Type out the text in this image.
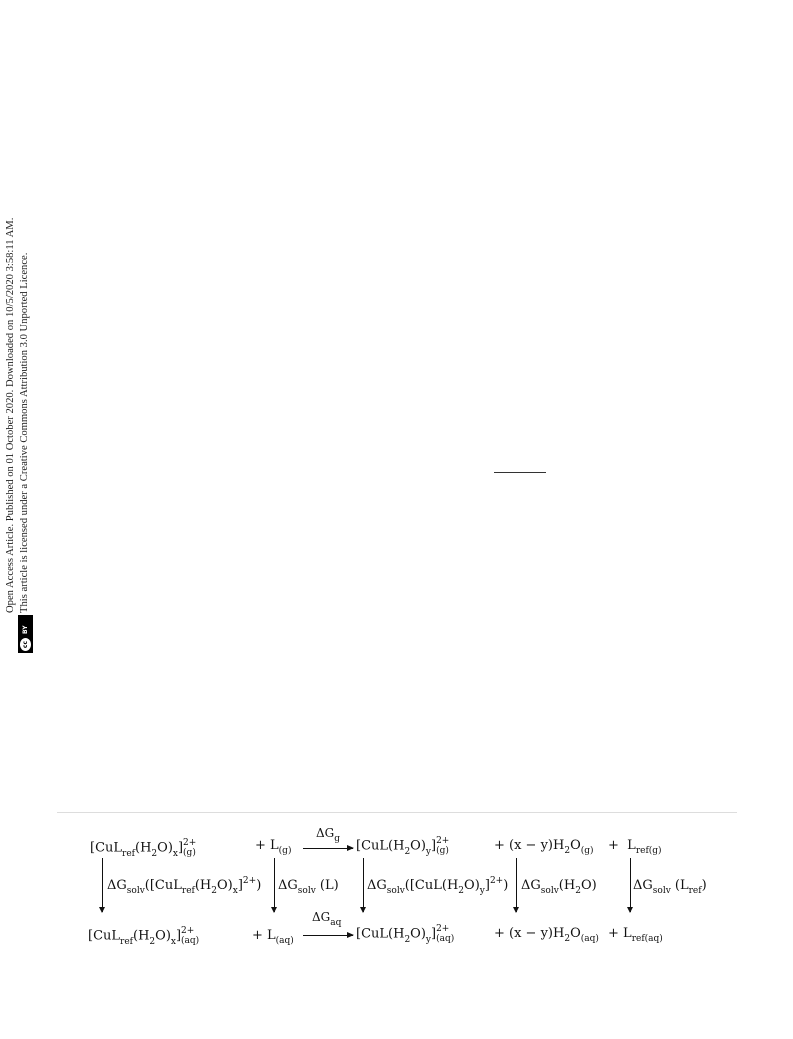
Open Access Article. Published on 01 October 2020. Downloaded on 10/5/2020 3:58:11 AM.
cc
BY
This article is licensed under a Creative Commons Attribution 3.0 Unported Licence.
$[CuL_{ref}(H_2O)_x]$ 2+
(g)	+ $L_{(g)}$
$\Delta G_g$ $[CuL(H_2O)_y]$ 2+
(g)	+ $(x - y)H_2O_{(g)} + L_{ref(g)}$
$\Delta G_{solv}([CuL_{ref}(H_2O)_x]^{2+})$ $\Delta G_{solv}$ (L) $\Delta G_{solv}([CuL(H_2O)_y]^{2+})$ $\Delta G_{solv}(H_2O)$	$\Delta G_{solv}$ $(L_{ref})$
$[CuL_{ref}(H_2O)_x]$ 2+
(aq)	+ $L_{(aq)}$
$\Delta G_{aq}$
$[CuL(H_2O)_y]$ 2+
(aq)	+ $(x - y)H_2O_{(aq)} + L_{ref(aq)}$
